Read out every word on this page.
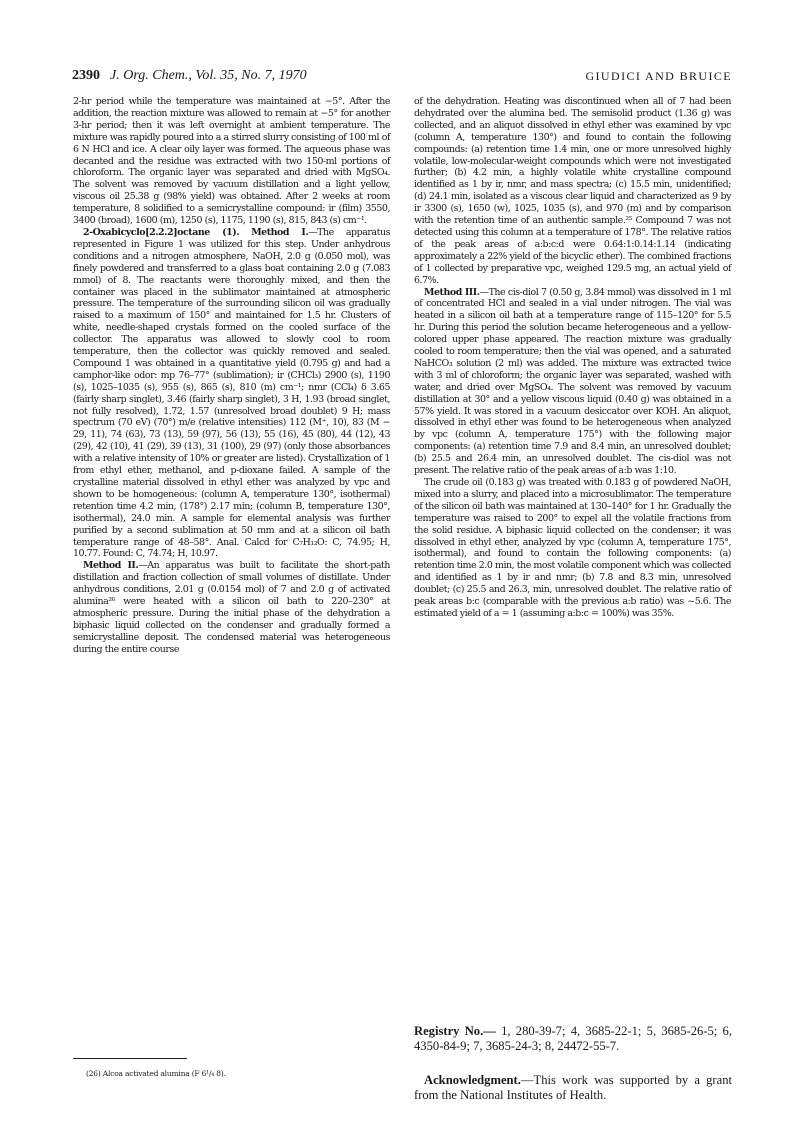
2390 J. Org. Chem., Vol. 35, No. 7, 1970	GIUDICI AND BRUICE

2-hr period while the temperature was maintained at −5°. After the addition, the reaction mixture was allowed to remain at −5° for another 3-hr period; then it was left overnight at ambient temperature. The mixture was rapidly poured into a a stirred slurry consisting of 100 ml of 6 N HCl and ice. A clear oily layer was formed. The aqueous phase was decanted and the residue was extracted with two 150-ml portions of chloroform. The organic layer was separated and dried with MgSO₄. The solvent was removed by vacuum distillation and a light yellow, viscous oil 25.38 g (98% yield) was obtained. After 2 weeks at room temperature, 8 solidified to a semicrystalline compound: ir (film) 3550, 3400 (broad), 1600 (m), 1250 (s), 1175, 1190 (s), 815, 843 (s) cm⁻¹.

2-Oxabicyclo[2.2.2]octane (1). Method I.—The apparatus represented in Figure 1 was utilized for this step. Under anhydrous conditions and a nitrogen atmosphere, NaOH, 2.0 g (0.050 mol), was finely powdered and transferred to a glass boat containing 2.0 g (7.083 mmol) of 8. The reactants were thoroughly mixed, and then the container was placed in the sublimator maintained at atmospheric pressure. The temperature of the surrounding silicon oil was gradually raised to a maximum of 150° and maintained for 1.5 hr. Clusters of white, needle-shaped crystals formed on the cooled surface of the collector. The apparatus was allowed to slowly cool to room temperature, then the collector was quickly removed and sealed. Compound 1 was obtained in a quantitative yield (0.795 g) and had a camphor-like odor: mp 76–77° (sublimation); ir (CHCl₃) 2900 (s), 1190 (s), 1025–1035 (s), 955 (s), 865 (s), 810 (m) cm⁻¹; nmr (CCl₄) δ 3.65 (fairly sharp singlet), 3.46 (fairly sharp singlet), 3 H, 1.93 (broad singlet, not fully resolved), 1.72, 1.57 (unresolved broad doublet) 9 H; mass spectrum (70 eV) (70°) m/e (relative intensities) 112 (M⁺, 10), 83 (M − 29, 11), 74 (63), 73 (13), 59 (97), 56 (13), 55 (16), 45 (80), 44 (12), 43 (29), 42 (10), 41 (29), 39 (13), 31 (100), 29 (97) (only those absorbances with a relative intensity of 10% or greater are listed). Crystallization of 1 from ethyl ether, methanol, and p-dioxane failed. A sample of the crystalline material dissolved in ethyl ether was analyzed by vpc and shown to be homogeneous: (column A, temperature 130°, isothermal) retention time 4.2 min, (178°) 2.17 min; (column B, temperature 130°, isothermal), 24.0 min. A sample for elemental analysis was further purified by a second sublimation at 50 mm and at a silicon oil bath temperature range of 48–58°. Anal. Calcd for C₇H₁₂O: C, 74.95; H, 10.77. Found: C, 74.74; H, 10.97.

Method II.—An apparatus was built to facilitate the short-path distillation and fraction collection of small volumes of distillate. Under anhydrous conditions, 2.01 g (0.0154 mol) of 7 and 2.0 g of activated alumina²⁶ were heated with a silicon oil bath to 220–230° at atmospheric pressure. During the initial phase of the dehydration a biphasic liquid collected on the condenser and gradually formed a semicrystalline deposit. The condensed material was heterogeneous during the entire course

of the dehydration. Heating was discontinued when all of 7 had been dehydrated over the alumina bed. The semisolid product (1.36 g) was collected, and an aliquot dissolved in ethyl ether was examined by vpc (column A, temperature 130°) and found to contain the following compounds: (a) retention time 1.4 min, one or more unresolved highly volatile, low-molecular-weight compounds which were not investigated further; (b) 4.2 min, a highly volatile white crystalline compound identified as 1 by ir, nmr, and mass spectra; (c) 15.5 min, unidentified; (d) 24.1 min, isolated as a viscous clear liquid and characterized as 9 by ir 3300 (s), 1650 (w), 1025, 1035 (s), and 970 (m) and by comparison with the retention time of an authentic sample.²⁵ Compound 7 was not detected using this column at a temperature of 178°. The relative ratios of the peak areas of a:b:c:d were 0.64:1:0.14:1.14 (indicating approximately a 22% yield of the bicyclic ether). The combined fractions of 1 collected by preparative vpc, weighed 129.5 mg, an actual yield of 6.7%.

Method III.—The cis-diol 7 (0.50 g, 3.84 mmol) was dissolved in 1 ml of concentrated HCl and sealed in a vial under nitrogen. The vial was heated in a silicon oil bath at a temperature range of 115–120° for 5.5 hr. During this period the solution became heterogeneous and a yellow-colored upper phase appeared. The reaction mixture was gradually cooled to room temperature; then the vial was opened, and a saturated NaHCO₃ solution (2 ml) was added. The mixture was extracted twice with 3 ml of chloroform; the organic layer was separated, washed with water, and dried over MgSO₄. The solvent was removed by vacuum distillation at 30° and a yellow viscous liquid (0.40 g) was obtained in a 57% yield. It was stored in a vacuum desiccator over KOH. An aliquot, dissolved in ethyl ether was found to be heterogeneous when analyzed by vpc (column A, temperature 175°) with the following major components: (a) retention time 7.9 and 8.4 min, an unresolved doublet; (b) 25.5 and 26.4 min, an unresolved doublet. The cis-diol was not present. The relative ratio of the peak areas of a:b was 1:10.

The crude oil (0.183 g) was treated with 0.183 g of powdered NaOH, mixed into a slurry, and placed into a microsublimator. The temperature of the silicon oil bath was maintained at 130–140° for 1 hr. Gradually the temperature was raised to 200° to expel all the volatile fractions from the solid residue. A biphasic liquid collected on the condenser; it was dissolved in ethyl ether, analyzed by vpc (column A, temperature 175°, isothermal), and found to contain the following components: (a) retention time 2.0 min, the most volatile component which was collected and identified as 1 by ir and nmr; (b) 7.8 and 8.3 min, unresolved doublet; (c) 25.5 and 26.3, min, unresolved doublet. The relative ratio of peak areas b:c (comparable with the previous a:b ratio) was ~5.6. The estimated yield of a = 1 (assuming a:b:c = 100%) was 35%.

Registry No.— 1, 280-39-7; 4, 3685-22-1; 5, 3685-26-5; 6, 4350-84-9; 7, 3685-24-3; 8, 24472-55-7.
Acknowledgment.—This work was supported by a grant from the National Institutes of Health.
(26) Alcoa activated alumina (F 6¹/₄ 8).
